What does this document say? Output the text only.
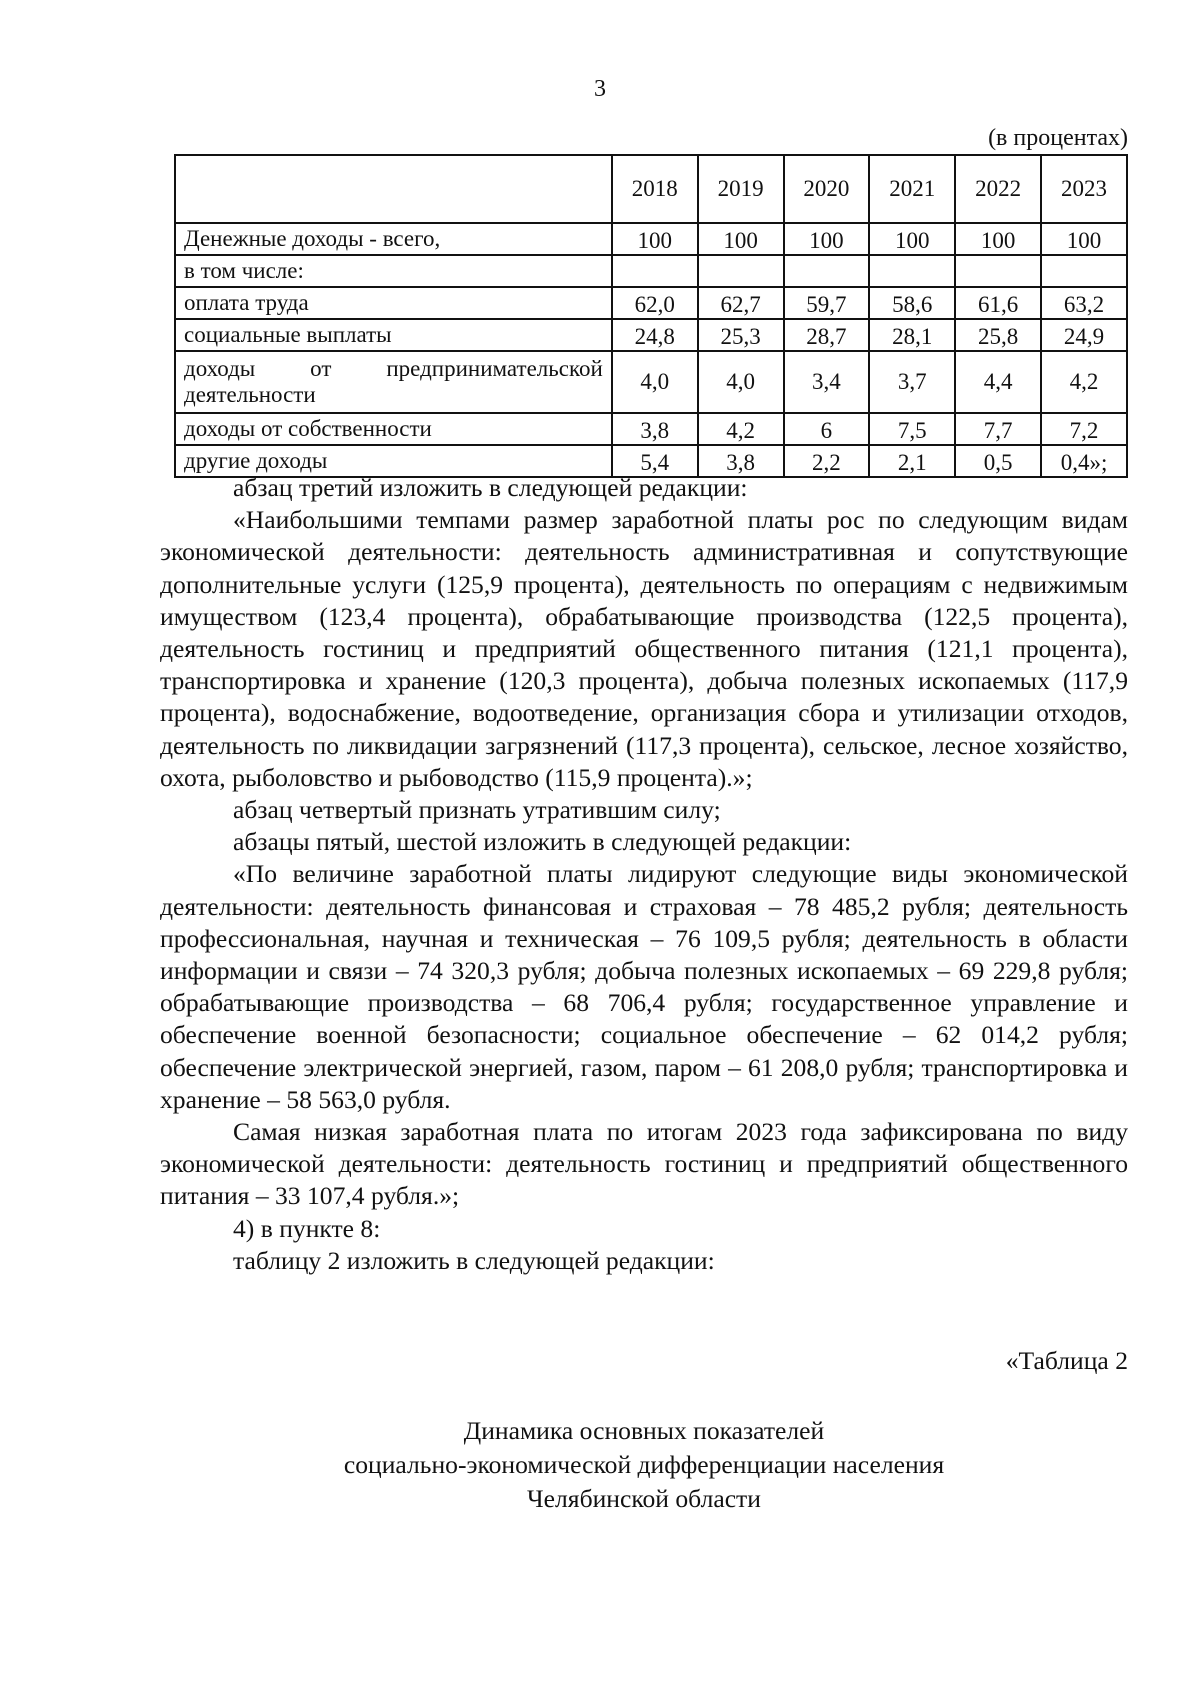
3
(в процентах)
	2018	2019	2020	2021	2022	2023
Денежные доходы - всего,	100	100	100	100	100	100
в том числе:						
оплата труда	62,0	62,7	59,7	58,6	61,6	63,2
социальные выплаты	24,8	25,3	28,7	28,1	25,8	24,9
доходы от предпринимательской деятельности	4,0	4,0	3,4	3,7	4,4	4,2
доходы от собственности	3,8	4,2	6	7,5	7,7	7,2
другие доходы	5,4	3,8	2,2	2,1	0,5	0,4»;

абзац третий изложить в следующей редакции:

«Наибольшими темпами размер заработной платы рос по следующим видам экономической деятельности: деятельность административная и сопутствующие дополнительные услуги (125,9 процента), деятельность по операциям с недвижимым имуществом (123,4 процента), обрабатывающие производства (122,5 процента), деятельность гостиниц и предприятий общественного питания (121,1 процента), транспортировка и хранение (120,3 процента), добыча полезных ископаемых (117,9 процента), водоснабжение, водоотведение, организация сбора и утилизации отходов, деятельность по ликвидации загрязнений (117,3 процента), сельское, лесное хозяйство, охота, рыболовство и рыбоводство (115,9 процента).»;

абзац четвертый признать утратившим силу;

абзацы пятый, шестой изложить в следующей редакции:

«По величине заработной платы лидируют следующие виды экономической деятельности: деятельность финансовая и страховая – 78 485,2 рубля; деятельность профессиональная, научная и техническая – 76 109,5 рубля; деятельность в области информации и связи – 74 320,3 рубля; добыча полезных ископаемых – 69 229,8 рубля; обрабатывающие производства – 68 706,4 рубля; государственное управление и обеспечение военной безопасности; социальное обеспечение – 62 014,2 рубля; обеспечение электрической энергией, газом, паром – 61 208,0 рубля; транспортировка и хранение – 58 563,0 рубля.

Самая низкая заработная плата по итогам 2023 года зафиксирована по виду экономической деятельности: деятельность гостиниц и предприятий общественного питания – 33 107,4 рубля.»;

4) в пункте 8:

таблицу 2 изложить в следующей редакции:

«Таблица 2
Динамика основных показателей
социально-экономической дифференциации населения
Челябинской области
